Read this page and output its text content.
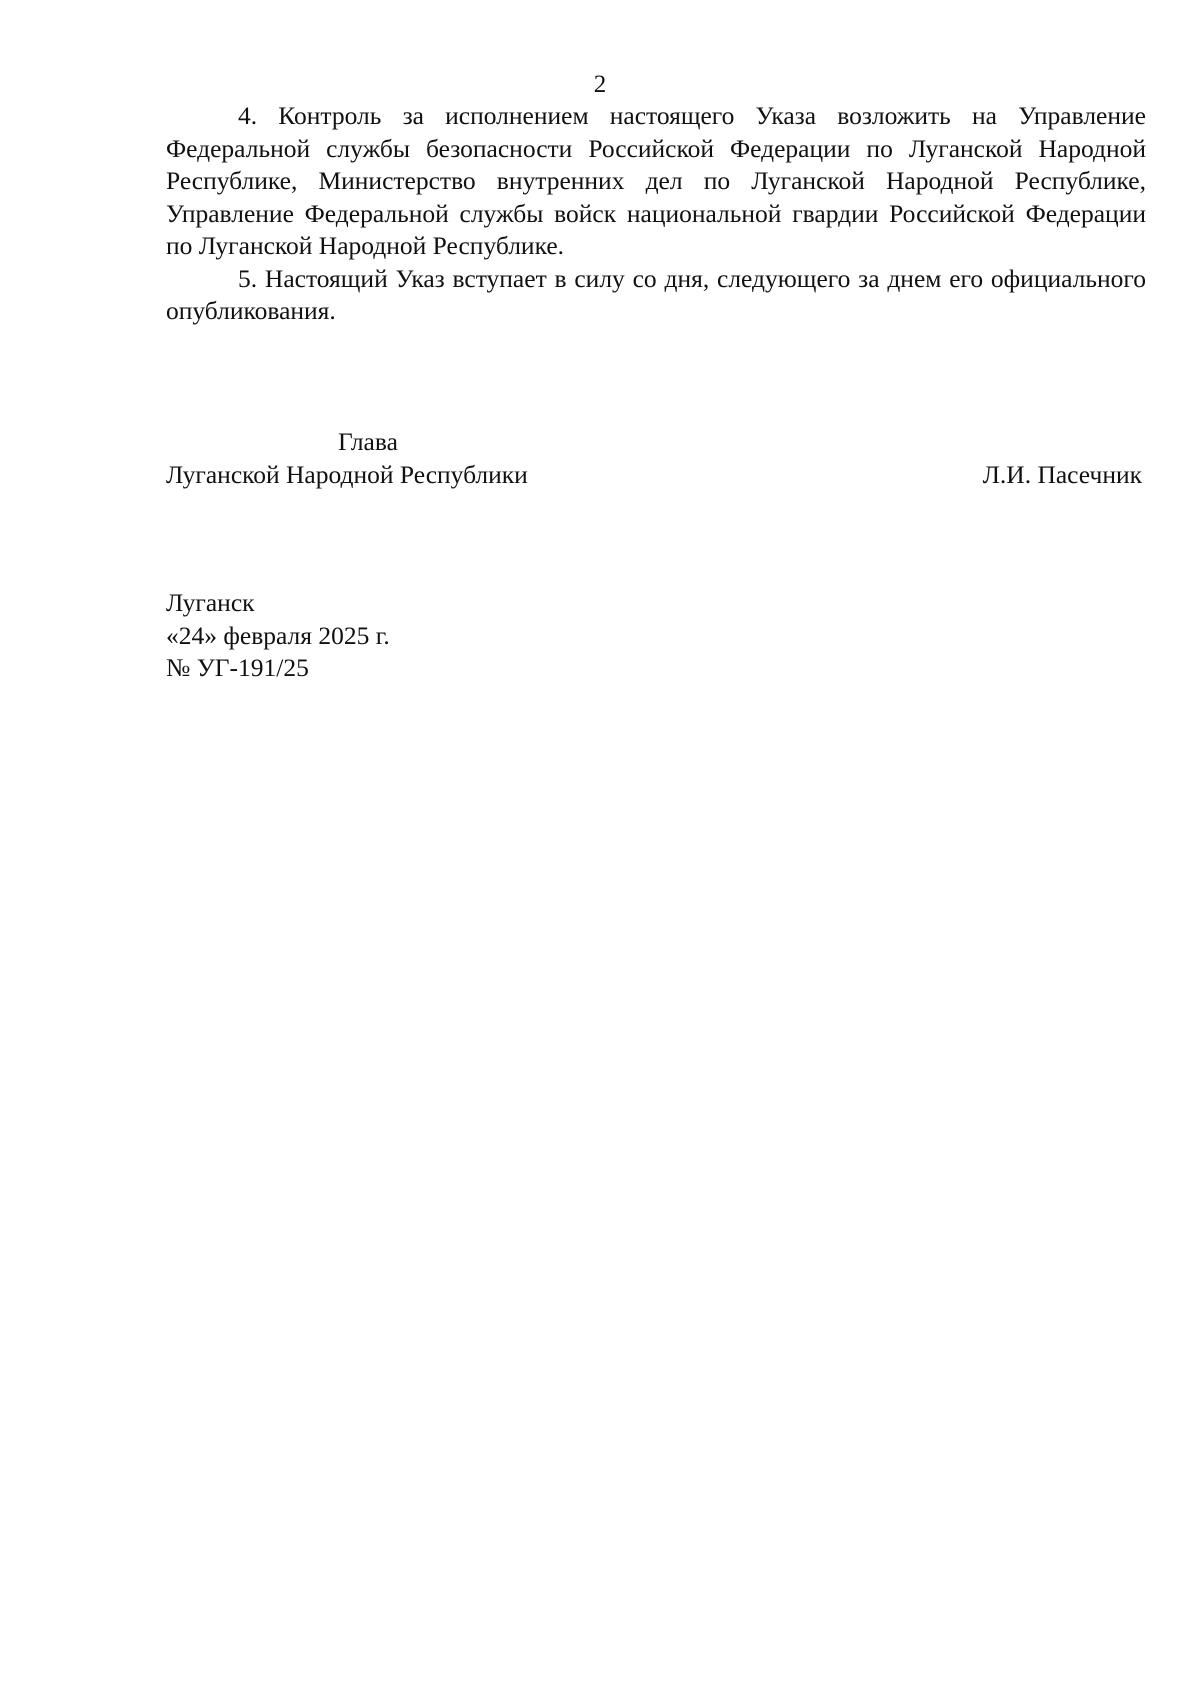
2

4. Контроль за исполнением настоящего Указа возложить на Управление Федеральной службы безопасности Российской Федерации по Луганской Народной Республике, Министерство внутренних дел по Луганской Народной Республике, Управление Федеральной службы войск национальной гвардии Российской Федерации по Луганской Народной Республике.

5. Настоящий Указ вступает в силу со дня, следующего за днем его официального опубликования.

Глава

Луганской Народной Республики	Л.И. Пасечник

Луганск

«24» февраля 2025 г.

№ УГ-191/25
